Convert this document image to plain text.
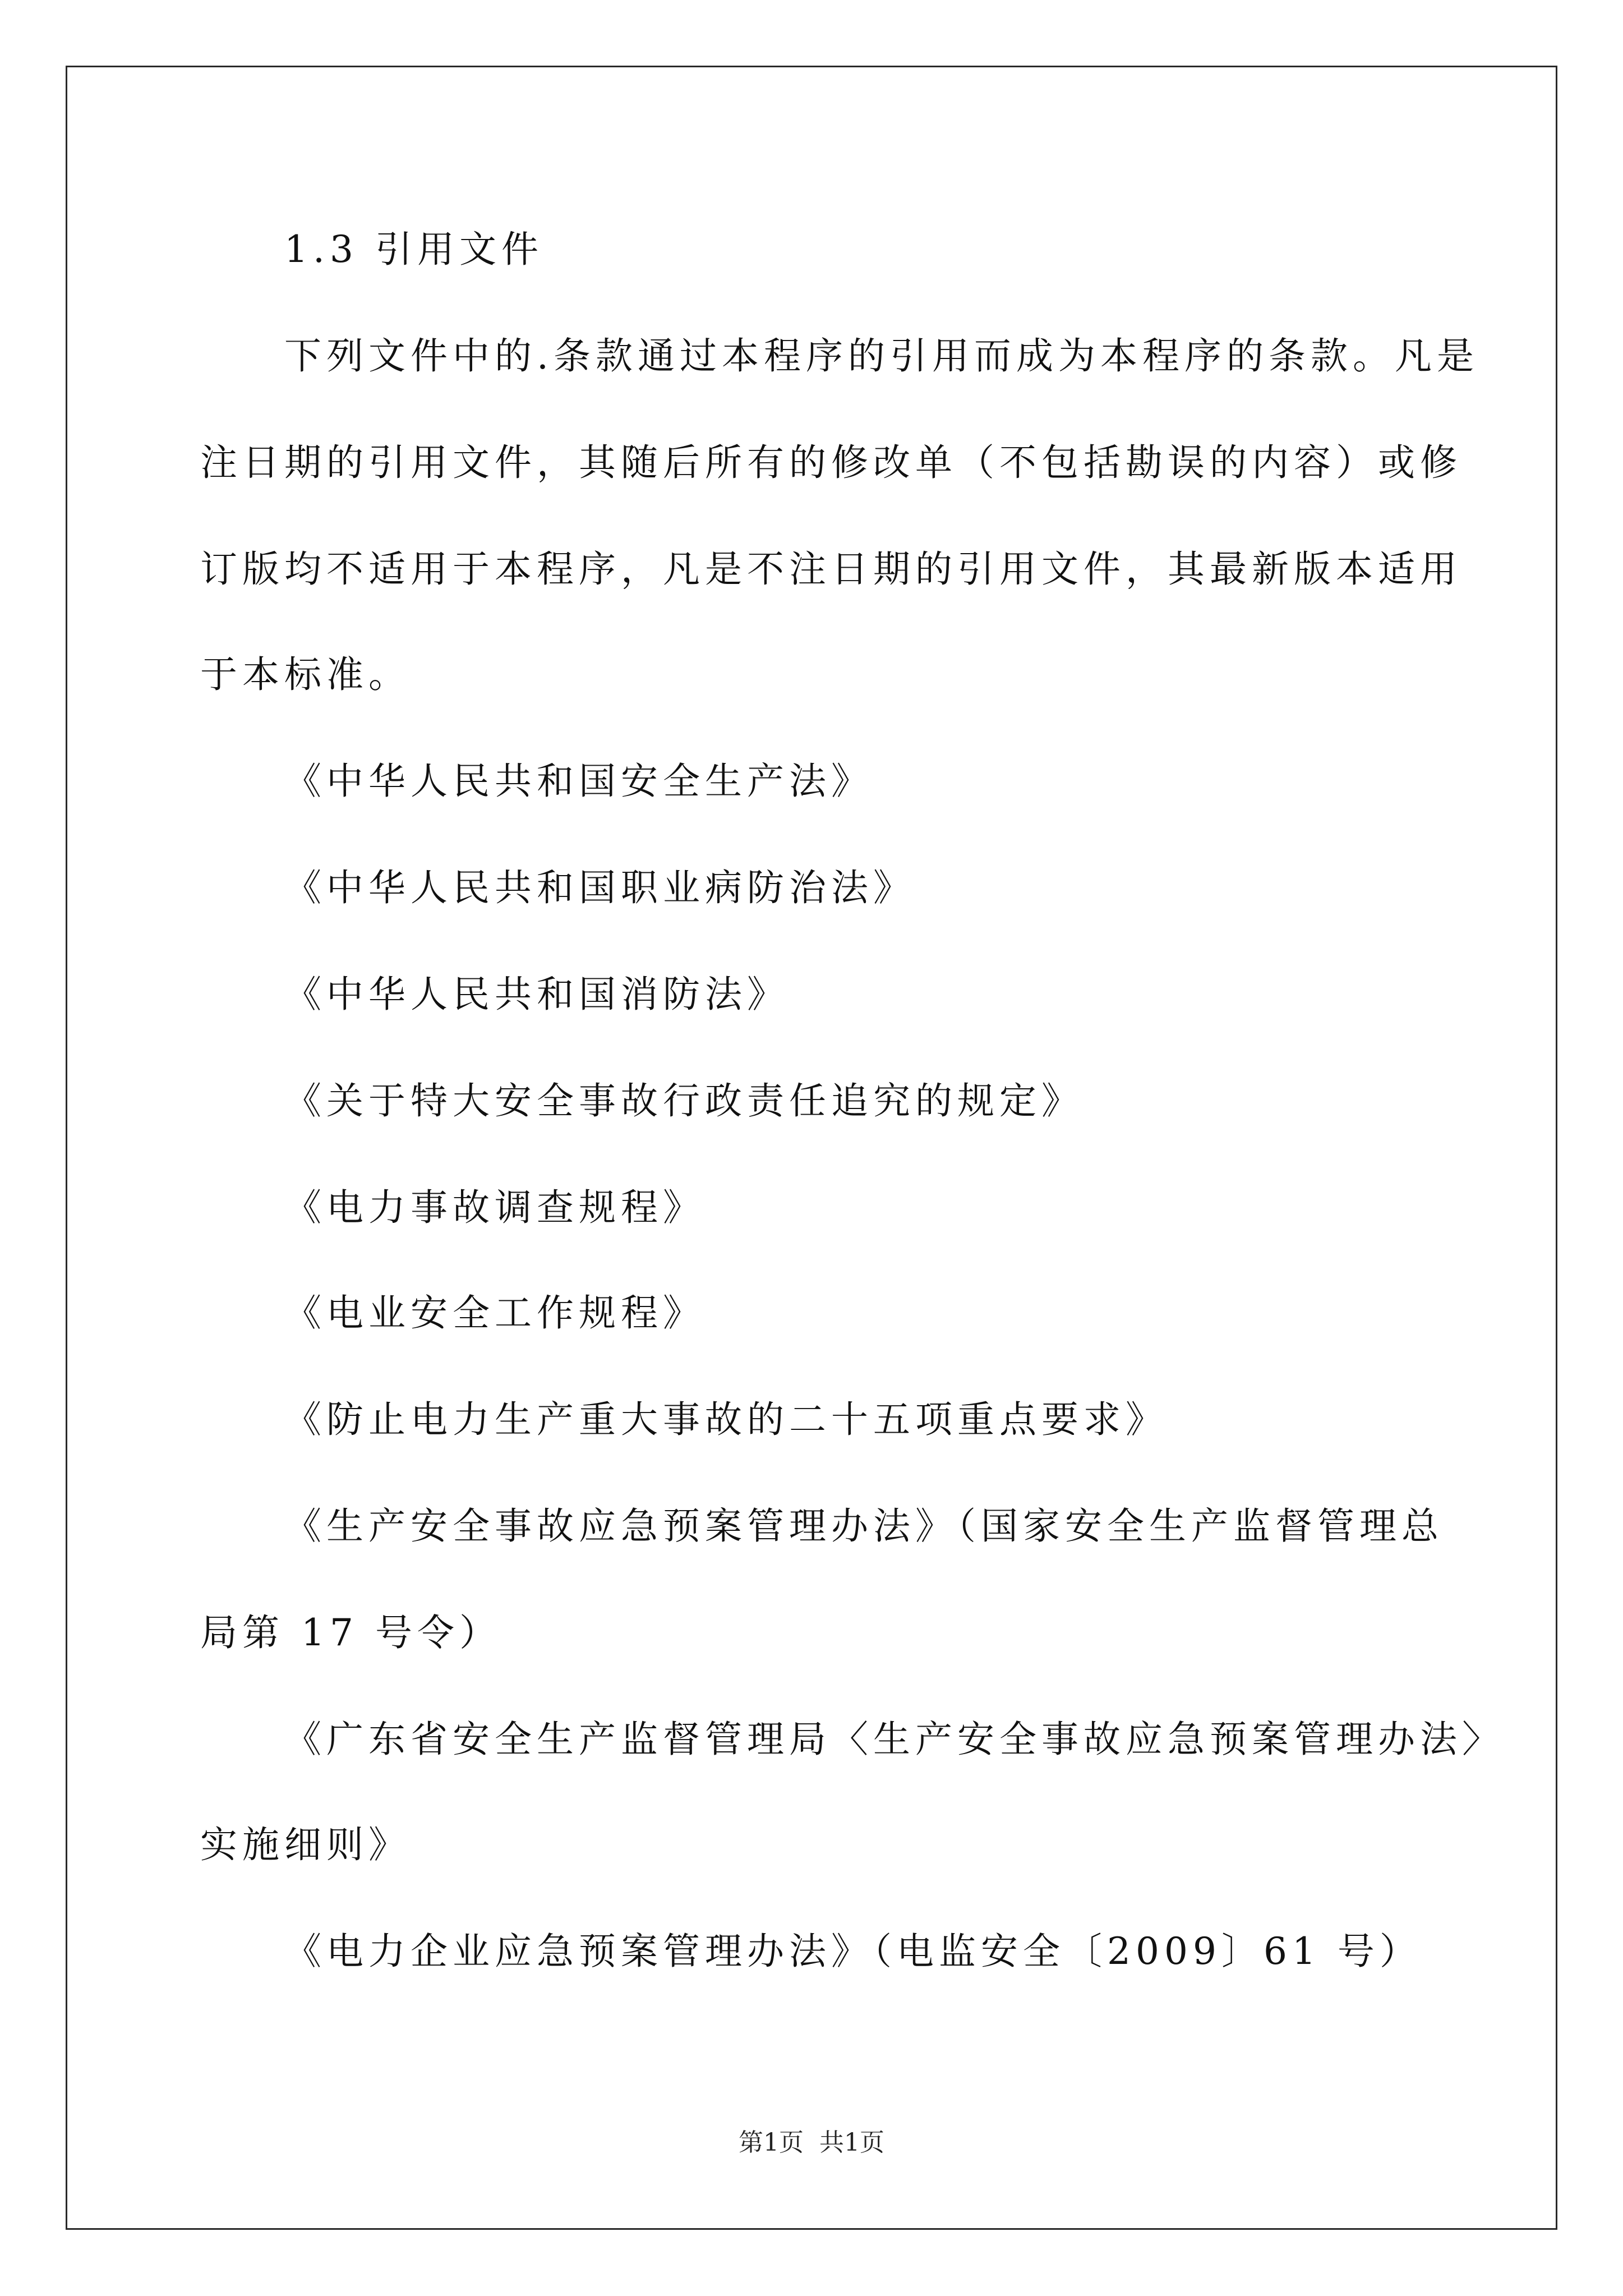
1.3 引用文件
下列文件中的.条款通过本程序的引用而成为本程序的条款。凡是
注日期的引用文件，其随后所有的修改单（不包括勘误的内容）或修
订版均不适用于本程序，凡是不注日期的引用文件，其最新版本适用
于本标准。
《中华人民共和国安全生产法》
《中华人民共和国职业病防治法》
《中华人民共和国消防法》
《关于特大安全事故行政责任追究的规定》
《电力事故调查规程》
《电业安全工作规程》
《防止电力生产重大事故的二十五项重点要求》
《生产安全事故应急预案管理办法》（国家安全生产监督管理总
局第 17 号令）
《广东省安全生产监督管理局〈生产安全事故应急预案管理办法〉
实施细则》
《电力企业应急预案管理办法》（电监安全〔2009〕61 号）
第1页 共1页
